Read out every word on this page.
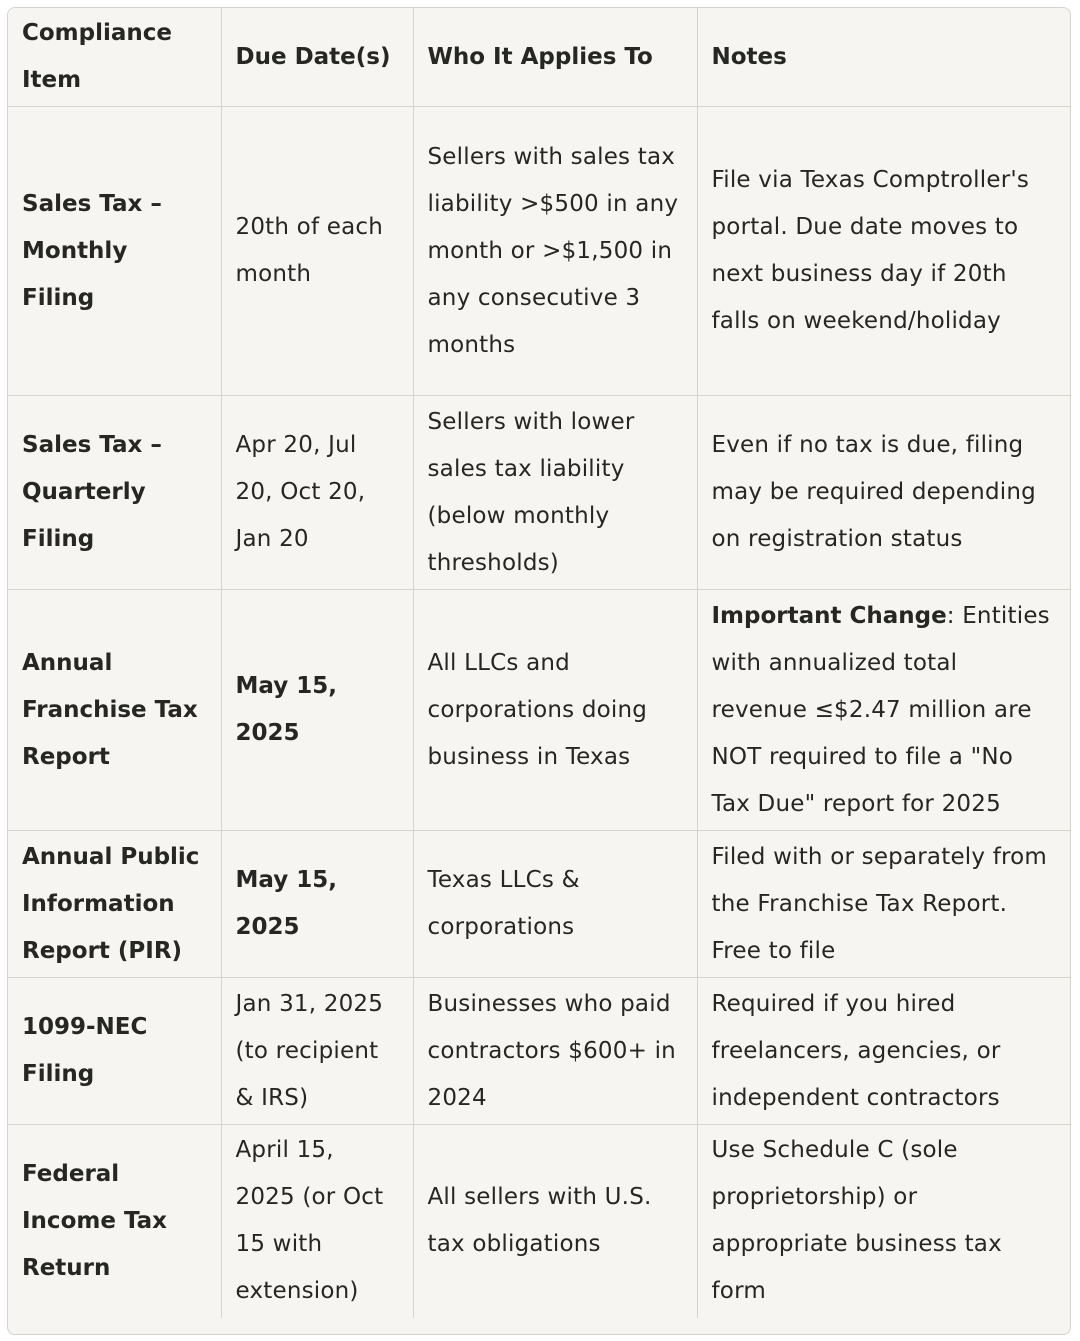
Compliance Item	Due Date(s)	Who It Applies To	Notes
Sales Tax – Monthly Filing	20th of each month	Sellers with sales tax liability >$500 in any month or >$1,500 in any consecutive 3 months	File via Texas Comptroller's portal. Due date moves to next business day if 20th falls on weekend/holiday
Sales Tax – Quarterly Filing	Apr 20, Jul 20, Oct 20, Jan 20	Sellers with lower sales tax liability (below monthly thresholds)	Even if no tax is due, filing may be required depending on registration status
Annual Franchise Tax Report	May 15, 2025	All LLCs and corporations doing business in Texas	Important Change: Entities with annualized total revenue ≤$2.47 million are NOT required to file a "No Tax Due" report for 2025
Annual Public Information Report (PIR)	May 15, 2025	Texas LLCs & corporations	Filed with or separately from the Franchise Tax Report. Free to file
1099-NEC Filing	Jan 31, 2025 (to recipient & IRS)	Businesses who paid contractors $600+ in 2024	Required if you hired freelancers, agencies, or independent contractors
Federal Income Tax Return	April 15, 2025 (or Oct 15 with extension)	All sellers with U.S. tax obligations	Use Schedule C (sole proprietorship) or appropriate business tax form
